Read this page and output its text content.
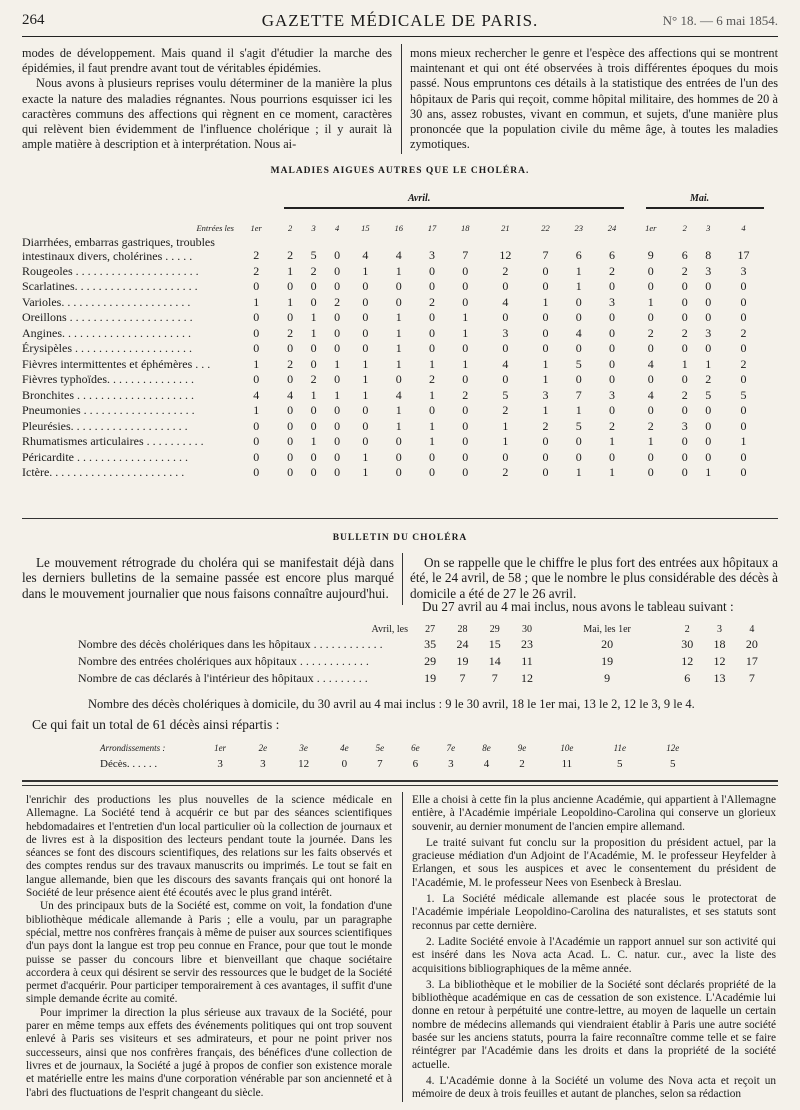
264	GAZETTE MÉDICALE DE PARIS.	N° 18. — 6 mai 1854.

modes de développement. Mais quand il s'agit d'étudier la marche des épidémies, il faut prendre avant tout de véritables épidémies.

Nous avons à plusieurs reprises voulu déterminer de la manière la plus exacte la nature des maladies régnantes. Nous pourrions esquisser ici les caractères communs des affections qui règnent en ce moment, caractères qui relèvent bien évidemment de l'influence cholérique ; il y aurait là ample matière à description et à interprétation. Nous ai-

mons mieux rechercher le genre et l'espèce des affections qui se montrent maintenant et qui ont été observées à trois différentes époques du mois passé. Nous empruntons ces détails à la statistique des entrées de l'un des hôpitaux de Paris qui reçoit, comme hôpital militaire, des hommes de 20 à 30 ans, assez robustes, vivant en commun, et sujets, d'une manière plus prononcée que la population civile du même âge, à toutes les maladies zymotiques.

MALADIES AIGUES AUTRES QUE LE CHOLÉRA.
Avril.	Mai.
Entrées les	1er	2	3	4	15	16	17	18	21	22	23	24	1er	2	3	4
Diarrhées, embarras gastriques, troubles intestinaux divers, cholérines . . . . .	2	2	5	0	4	4	3	7	12	7	6	6	9	6	8	17
Rougeoles . . . . . . . . . . . . . . . . . . . . .	2	1	2	0	1	1	0	0	2	0	1	2	0	2	3	3
Scarlatines. . . . . . . . . . . . . . . . . . . . .	0	0	0	0	0	0	0	0	0	0	1	0	0	0	0	0
Varioles. . . . . . . . . . . . . . . . . . . . . .	1	1	0	2	0	0	2	0	4	1	0	3	1	0	0	0
Oreillons . . . . . . . . . . . . . . . . . . . . .	0	0	1	0	0	1	0	1	0	0	0	0	0	0	0	0
Angines. . . . . . . . . . . . . . . . . . . . . .	0	2	1	0	0	1	0	1	3	0	4	0	2	2	3	2
Érysipèles . . . . . . . . . . . . . . . . . . . .	0	0	0	0	0	1	0	0	0	0	0	0	0	0	0	0
Fièvres intermittentes et éphémères . . .	1	2	0	1	1	1	1	1	4	1	5	0	4	1	1	2
Fièvres typhoïdes. . . . . . . . . . . . . . .	0	0	2	0	1	0	2	0	0	1	0	0	0	0	2	0
Bronchites . . . . . . . . . . . . . . . . . . . .	4	4	1	1	1	4	1	2	5	3	7	3	4	2	5	5
Pneumonies . . . . . . . . . . . . . . . . . . .	1	0	0	0	0	1	0	0	2	1	1	0	0	0	0	0
Pleurésies. . . . . . . . . . . . . . . . . . . .	0	0	0	0	0	1	1	0	1	2	5	2	2	3	0	0
Rhumatismes articulaires . . . . . . . . . .	0	0	1	0	0	0	1	0	1	0	0	1	1	0	0	1
Péricardite . . . . . . . . . . . . . . . . . . .	0	0	0	0	1	0	0	0	0	0	0	0	0	0	0	0
Ictère. . . . . . . . . . . . . . . . . . . . . . .	0	0	0	0	1	0	0	0	2	0	1	1	0	0	1	0
BULLETIN DU CHOLÉRA

Le mouvement rétrograde du choléra qui se manifestait déjà dans les derniers bulletins de la semaine passée est encore plus marqué dans le mouvement journalier que nous faisons connaître aujourd'hui.

On se rappelle que le chiffre le plus fort des entrées aux hôpitaux a été, le 24 avril, de 58 ; que le nombre le plus considérable des décès à domicile a été de 27 le 26 avril.

Du 27 avril au 4 mai inclus, nous avons le tableau suivant :
Avril, les	27	28	29	30	Mai, les 1er	2	3	4
Nombre des décès cholériques dans les hôpitaux . . . . . . . . . . . .	35	24	15	23	20	30	18	20
Nombre des entrées cholériques aux hôpitaux . . . . . . . . . . . .	29	19	14	11	19	12	12	17
Nombre de cas déclarés à l'intérieur des hôpitaux . . . . . . . . .	19	7	7	12	9	6	13	7
Nombre des décès cholériques à domicile, du 30 avril au 4 mai inclus : 9 le 30 avril, 18 le 1er mai, 13 le 2, 12 le 3, 9 le 4.
Ce qui fait un total de 61 décès ainsi répartis :
Arrondissements :	1er	2e	3e	4e	5e	6e	7e	8e	9e	10e	11e	12e
Décès. . . . . .	3	3	12	0	7	6	3	4	2	11	5	5

l'enrichir des productions les plus nouvelles de la science médicale en Allemagne. La Société tend à acquérir ce but par des séances scientifiques hebdomadaires et l'entretien d'un local particulier où la collection de journaux et de livres est à la disposition des lecteurs pendant toute la journée. Dans les séances se font des discours scientifiques, des relations sur les faits observés et des comptes rendus sur des travaux manuscrits ou imprimés. Le tout se fait en langue allemande, bien que les discours des savants français qui ont honoré la Société de leur présence aient été écoutés avec le plus grand intérêt.

Un des principaux buts de la Société est, comme on voit, la fondation d'une bibliothèque médicale allemande à Paris ; elle a voulu, par un paragraphe spécial, mettre nos confrères français à même de puiser aux sources scientifiques d'un pays dont la langue est trop peu connue en France, pour que tout le monde puisse se passer du concours libre et bienveillant que chaque sociétaire accordera à ceux qui désirent se servir des ressources que le budget de la Société permet d'acquérir. Pour participer temporairement à ces avantages, il suffit d'une simple demande écrite au comité.

Pour imprimer la direction la plus sérieuse aux travaux de la Société, pour parer en même temps aux effets des événements politiques qui ont trop souvent enlevé à Paris ses visiteurs et ses admirateurs, et pour ne point priver nos successeurs, ainsi que nos confrères français, des bénéfices d'une collection de livres et de journaux, la Société a jugé à propos de confier son existence morale et matérielle entre les mains d'une corporation vénérable par son ancienneté et à l'abri des fluctuations de l'esprit changeant du siècle.

Elle a choisi à cette fin la plus ancienne Académie, qui appartient à l'Allemagne entière, à l'Académie impériale Leopoldino-Carolina qui conserve un glorieux souvenir, au dernier monument de l'ancien empire allemand.

Le traité suivant fut conclu sur la proposition du président actuel, par la gracieuse médiation d'un Adjoint de l'Académie, M. le professeur Heyfelder à Erlangen, et sous les auspices et avec le consentement du président de l'Académie, M. le professeur Nees von Esenbeck à Breslau.

1. La Société médicale allemande est placée sous le protectorat de l'Académie impériale Leopoldino-Carolina des naturalistes, et ses statuts sont reconnus par cette dernière.

2. Ladite Société envoie à l'Académie un rapport annuel sur son activité qui est inséré dans les Nova acta Acad. L. C. natur. cur., avec la liste des acquisitions bibliographiques de la même année.

3. La bibliothèque et le mobilier de la Société sont déclarés propriété de la bibliothèque académique en cas de cessation de son existence. L'Académie lui donne en retour à perpétuité une contre-lettre, au moyen de laquelle un certain nombre de médecins allemands qui viendraient établir à Paris une autre société basée sur les anciens statuts, pourra la faire reconnaître comme telle et se faire réintégrer par l'Académie dans les droits et dans la propriété de la société actuelle.

4. L'Académie donne à la Société un volume des Nova acta et reçoit un mémoire de deux à trois feuilles et autant de planches, selon sa rédaction
